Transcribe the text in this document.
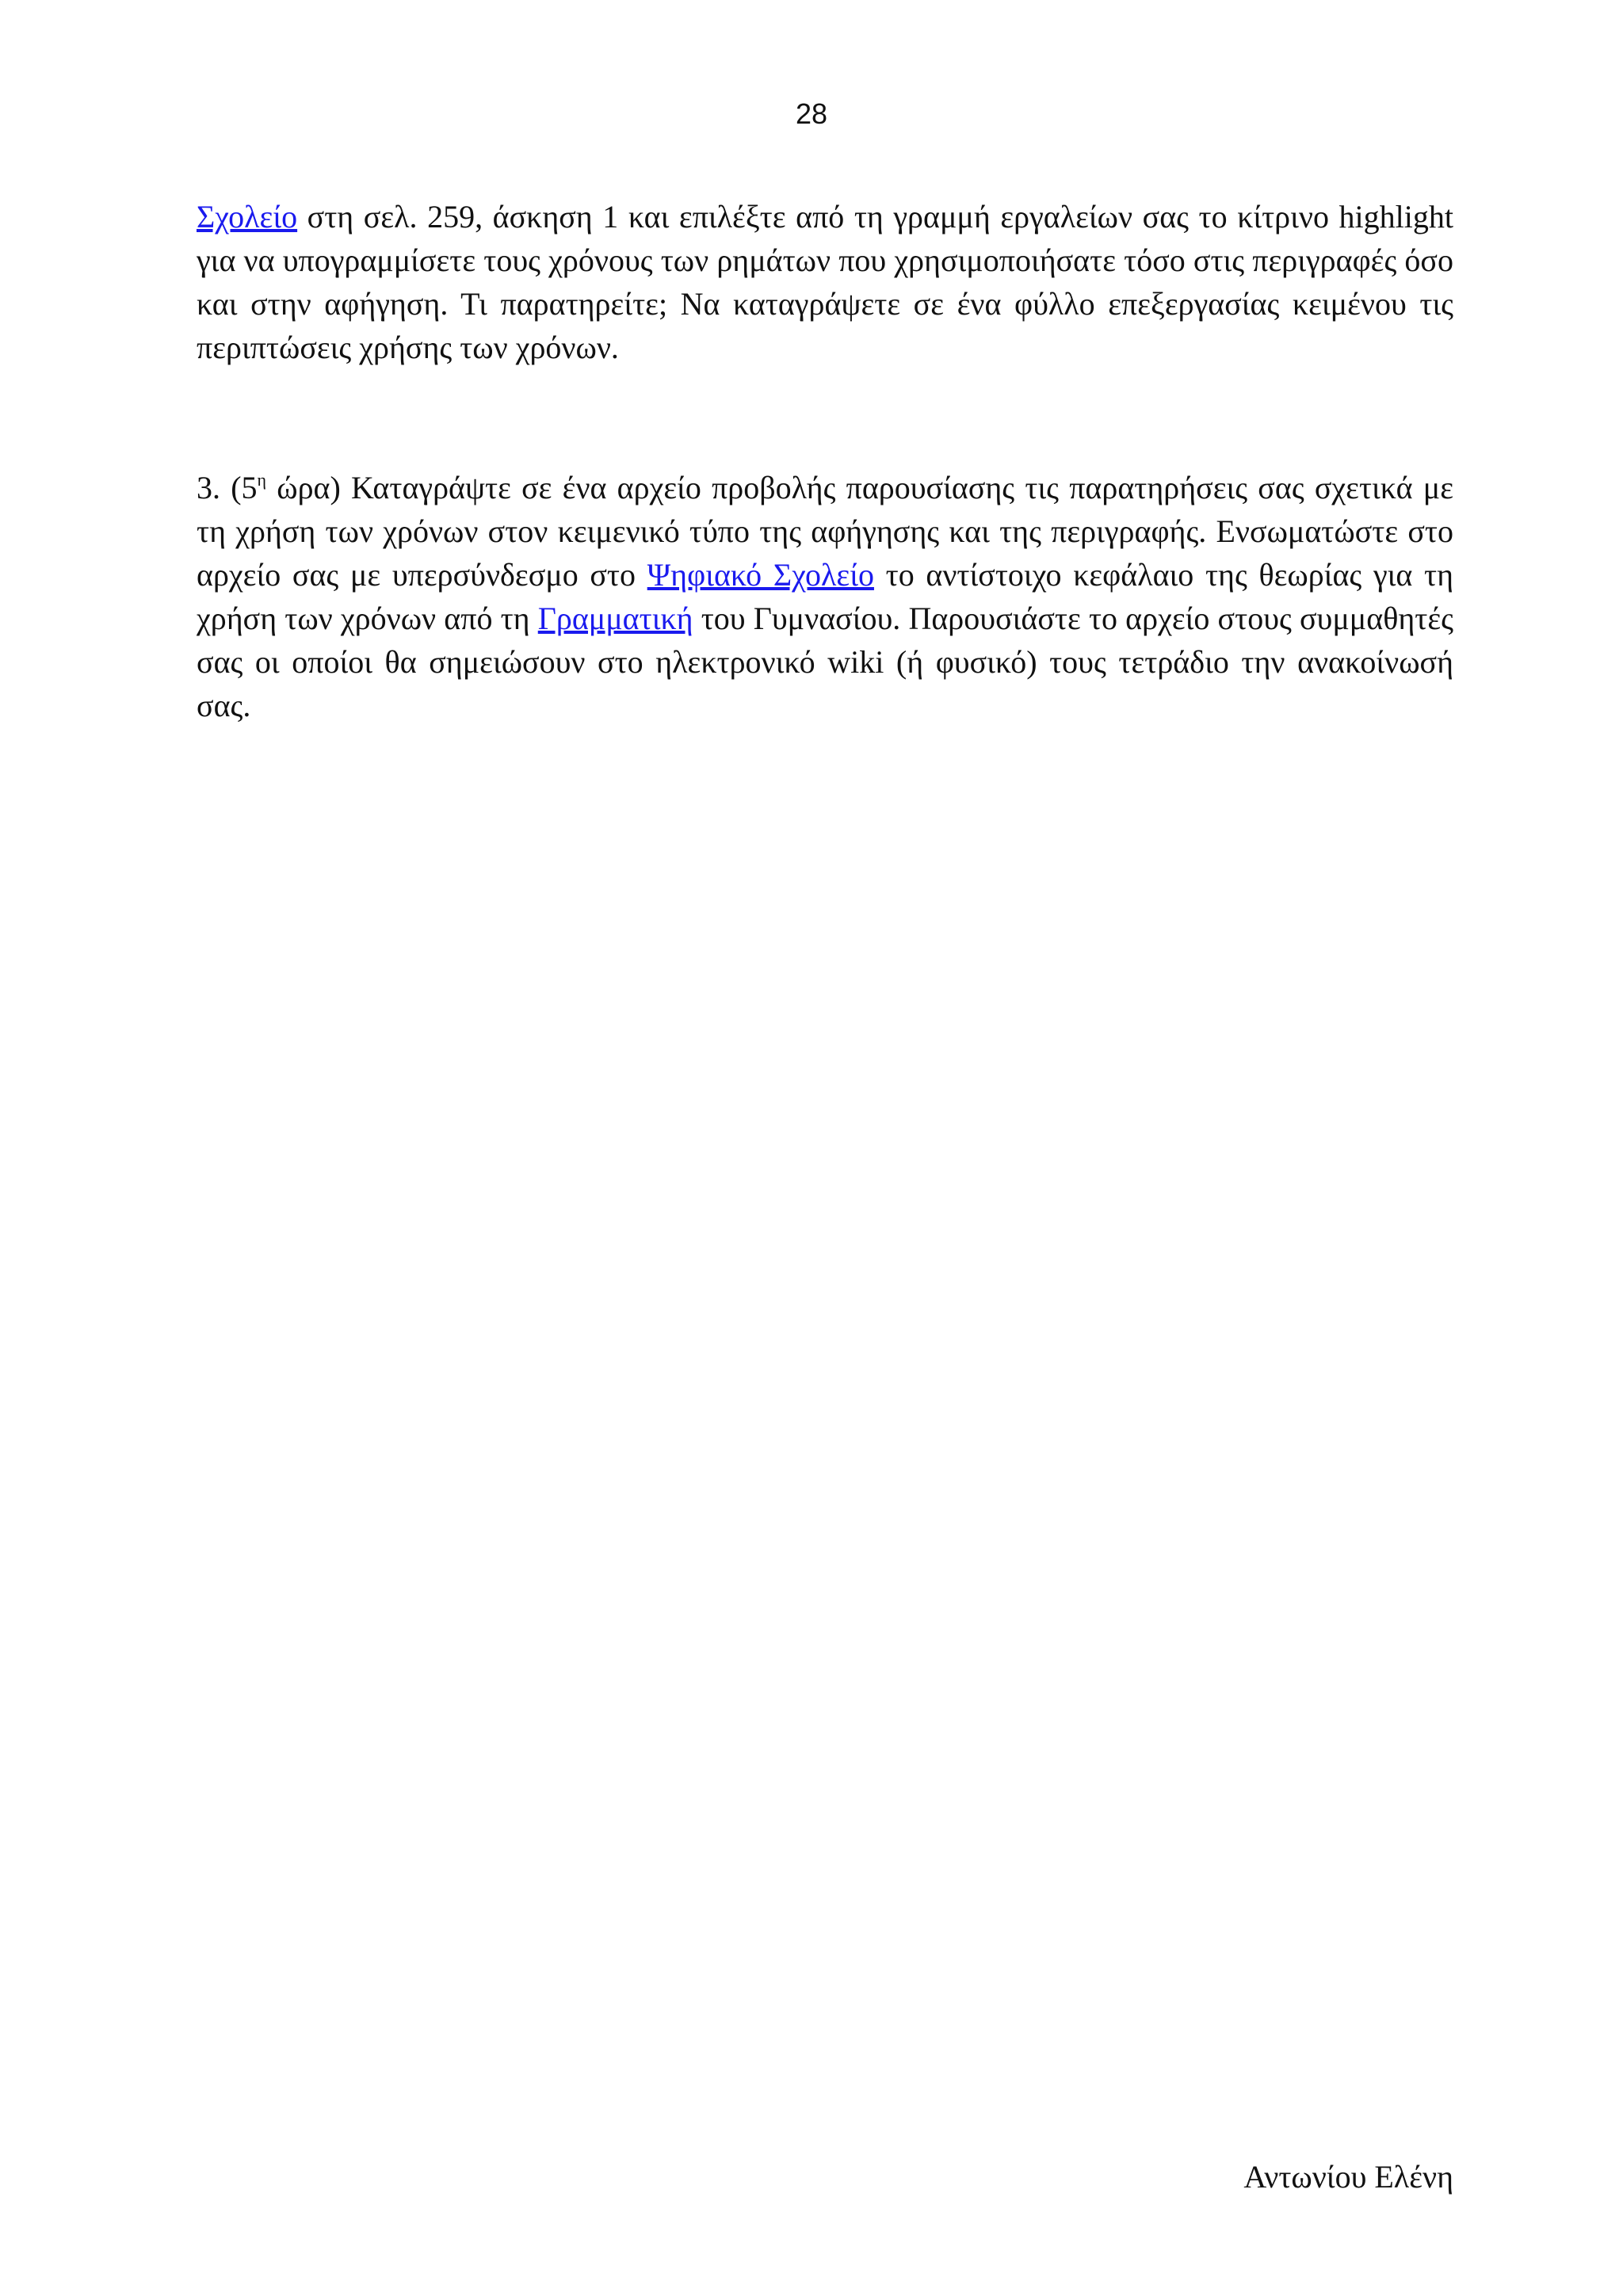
28

Σχολείο στη σελ. 259, άσκηση 1 και επιλέξτε από τη γραμμή εργαλείων σας το κίτρινο highlight για να υπογραμμίσετε τους χρόνους των ρημάτων που χρησιμοποιήσατε τόσο στις περιγραφές όσο και στην αφήγηση. Τι παρατηρείτε; Να καταγράψετε σε ένα φύλλο επεξεργασίας κειμένου τις περιπτώσεις χρήσης των χρόνων.

3. ($5^\eta$ ώρα) Καταγράψτε σε ένα αρχείο προβολής παρουσίασης τις παρατηρήσεις σας σχετικά με τη χρήση των χρόνων στον κειμενικό τύπο της αφήγησης και της περιγραφής. Ενσωματώστε στο αρχείο σας με υπερσύνδεσμο στο Ψηφιακό Σχολείο το αντίστοιχο κεφάλαιο της θεωρίας για τη χρήση των χρόνων από τη Γραμματική του Γυμνασίου. Παρουσιάστε το αρχείο στους συμμαθητές σας οι οποίοι θα σημειώσουν στο ηλεκτρονικό wiki (ή φυσικό) τους τετράδιο την ανακοίνωσή σας.

Αντωνίου Ελένη
